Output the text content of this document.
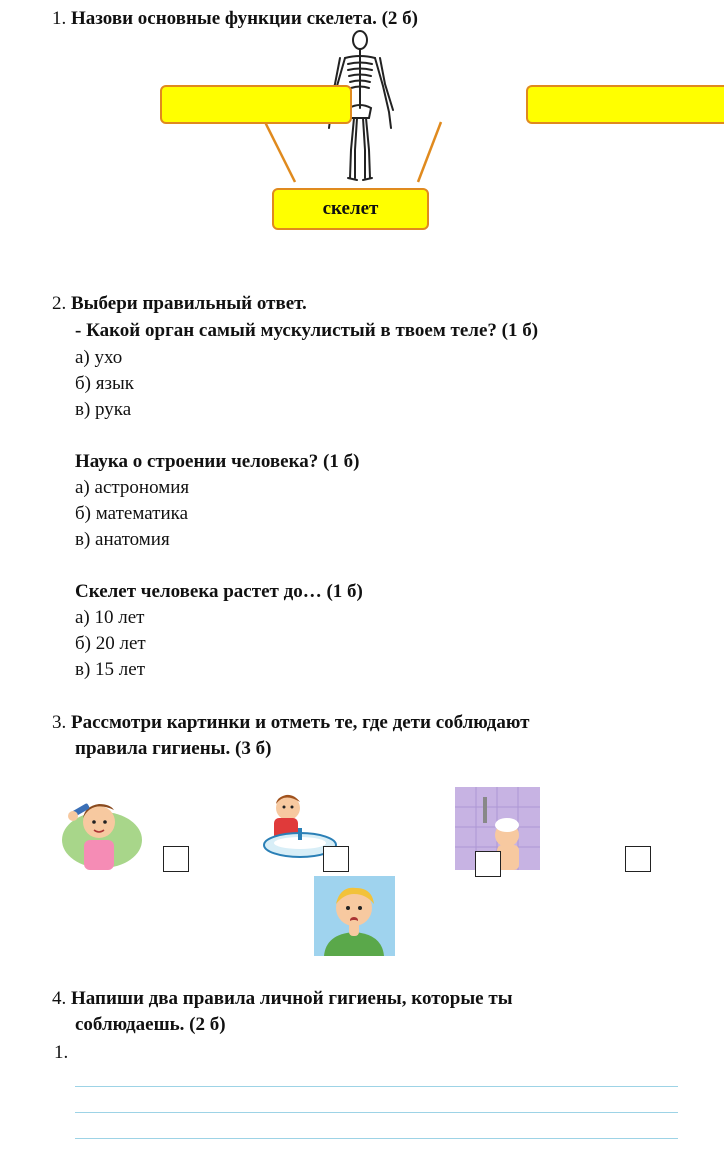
1. Назови основные функции скелета. (2 б)
скелет
2. Выбери правильный ответ.
- Какой орган самый мускулистый в твоем теле? (1 б)
а) ухо
б) язык
в) рука
Наука о строении человека? (1 б)
а) астрономия
б) математика
в) анатомия
Скелет человека растет до… (1 б)
а) 10 лет
б) 20 лет
в) 15 лет
3. Рассмотри картинки и отметь те, где дети соблюдают
правила гигиены. (3 б)
4. Напиши два правила личной гигиены, которые ты
соблюдаешь. (2 б)
1.
